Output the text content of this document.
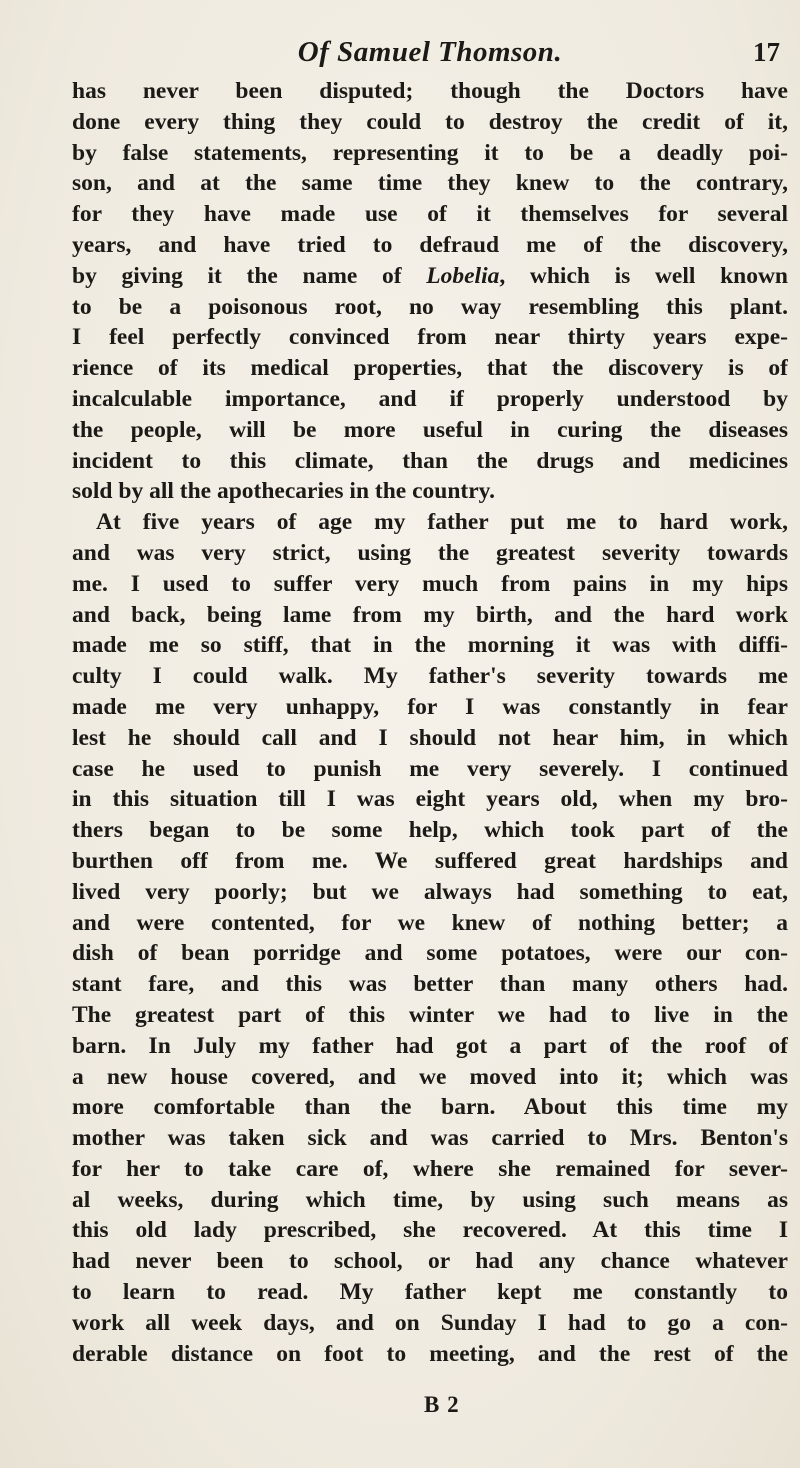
Of Samuel Thomson.	17
has never been disputed; though the Doctors have
done every thing they could to destroy the credit of it,
by false statements, representing it to be a deadly poi-
son, and at the same time they knew to the contrary,
for they have made use of it themselves for several
years, and have tried to defraud me of the discovery,
by giving it the name of Lobelia, which is well known
to be a poisonous root, no way resembling this plant.
I feel perfectly convinced from near thirty years expe-
rience of its medical properties, that the discovery is of
incalculable importance, and if properly understood by
the people, will be more useful in curing the diseases
incident to this climate, than the drugs and medicines
sold by all the apothecaries in the country.
At five years of age my father put me to hard work,
and was very strict, using the greatest severity towards
me. I used to suffer very much from pains in my hips
and back, being lame from my birth, and the hard work
made me so stiff, that in the morning it was with diffi-
culty I could walk. My father's severity towards me
made me very unhappy, for I was constantly in fear
lest he should call and I should not hear him, in which
case he used to punish me very severely. I continued
in this situation till I was eight years old, when my bro-
thers began to be some help, which took part of the
burthen off from me. We suffered great hardships and
lived very poorly; but we always had something to eat,
and were contented, for we knew of nothing better; a
dish of bean porridge and some potatoes, were our con-
stant fare, and this was better than many others had.
The greatest part of this winter we had to live in the
barn. In July my father had got a part of the roof of
a new house covered, and we moved into it; which was
more comfortable than the barn. About this time my
mother was taken sick and was carried to Mrs. Benton's
for her to take care of, where she remained for sever-
al weeks, during which time, by using such means as
this old lady prescribed, she recovered. At this time I
had never been to school, or had any chance whatever
to learn to read. My father kept me constantly to
work all week days, and on Sunday I had to go a con-
derable distance on foot to meeting, and the rest of the
B 2
